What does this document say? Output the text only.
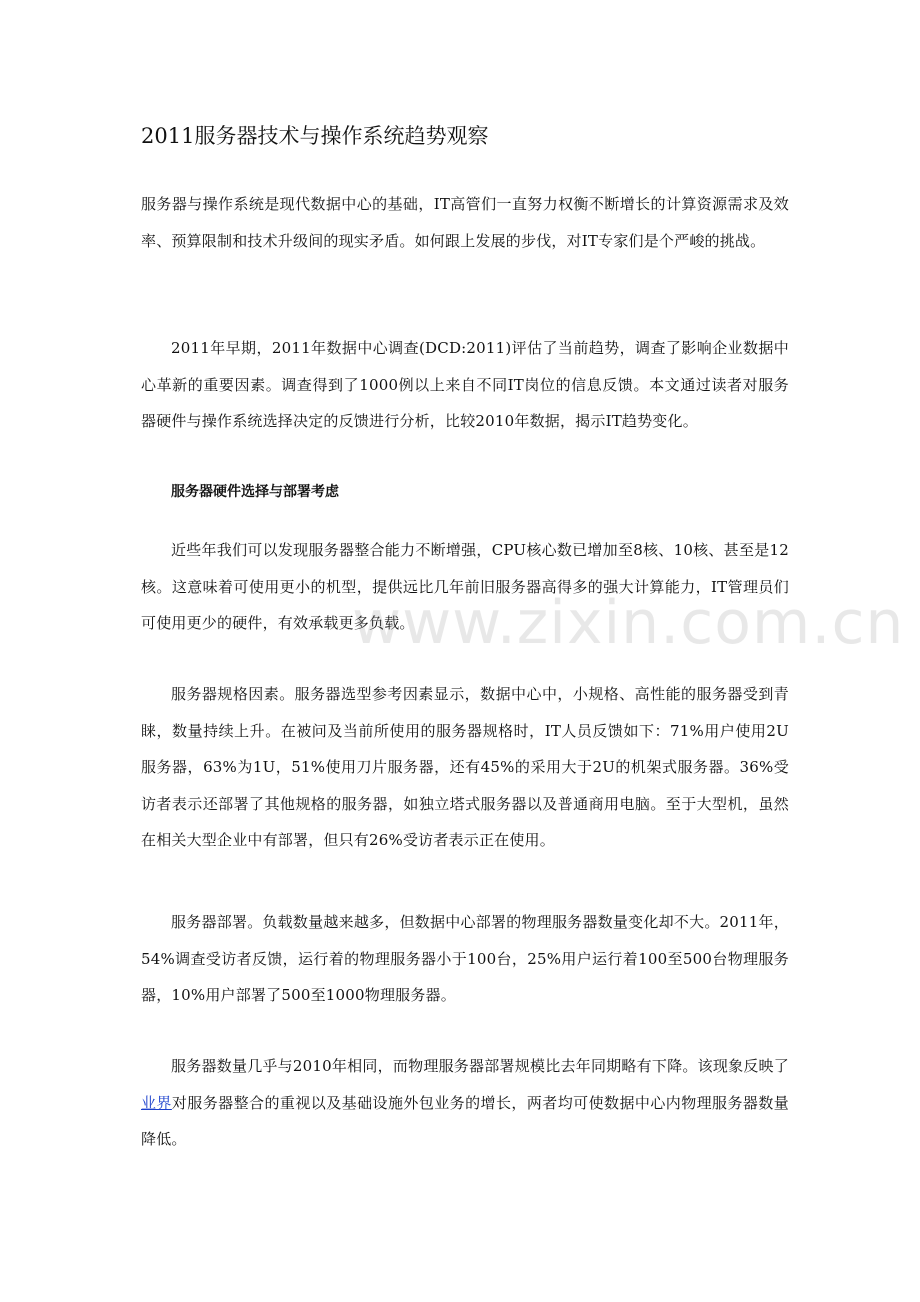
2011服务器技术与操作系统趋势观察

服务器与操作系统是现代数据中心的基础，IT高管们一直努力权衡不断增长的计算资源需求及效率、预算限制和技术升级间的现实矛盾。如何跟上发展的步伐，对IT专家们是个严峻的挑战。

2011年早期，2011年数据中心调查(DCD:2011)评估了当前趋势，调查了影响企业数据中心革新的重要因素。调查得到了1000例以上来自不同IT岗位的信息反馈。本文通过读者对服务器硬件与操作系统选择决定的反馈进行分析，比较2010年数据，揭示IT趋势变化。

服务器硬件选择与部署考虑

近些年我们可以发现服务器整合能力不断增强，CPU核心数已增加至8核、10核、甚至是12核。这意味着可使用更小的机型，提供远比几年前旧服务器高得多的强大计算能力，IT管理员们可使用更少的硬件，有效承载更多负载。

服务器规格因素。服务器选型参考因素显示，数据中心中，小规格、高性能的服务器受到青睐，数量持续上升。在被问及当前所使用的服务器规格时，IT人员反馈如下：71%用户使用2U服务器，63%为1U，51%使用刀片服务器，还有45%的采用大于2U的机架式服务器。36%受访者表示还部署了其他规格的服务器，如独立塔式服务器以及普通商用电脑。至于大型机，虽然在相关大型企业中有部署，但只有26%受访者表示正在使用。

服务器部署。负载数量越来越多，但数据中心部署的物理服务器数量变化却不大。2011年，54%调查受访者反馈，运行着的物理服务器小于100台，25%用户运行着100至500台物理服务器，10%用户部署了500至1000物理服务器。

服务器数量几乎与2010年相同，而物理服务器部署规模比去年同期略有下降。该现象反映了业界对服务器整合的重视以及基础设施外包业务的增长，两者均可使数据中心内物理服务器数量降低。

www.zixin.com.cn
